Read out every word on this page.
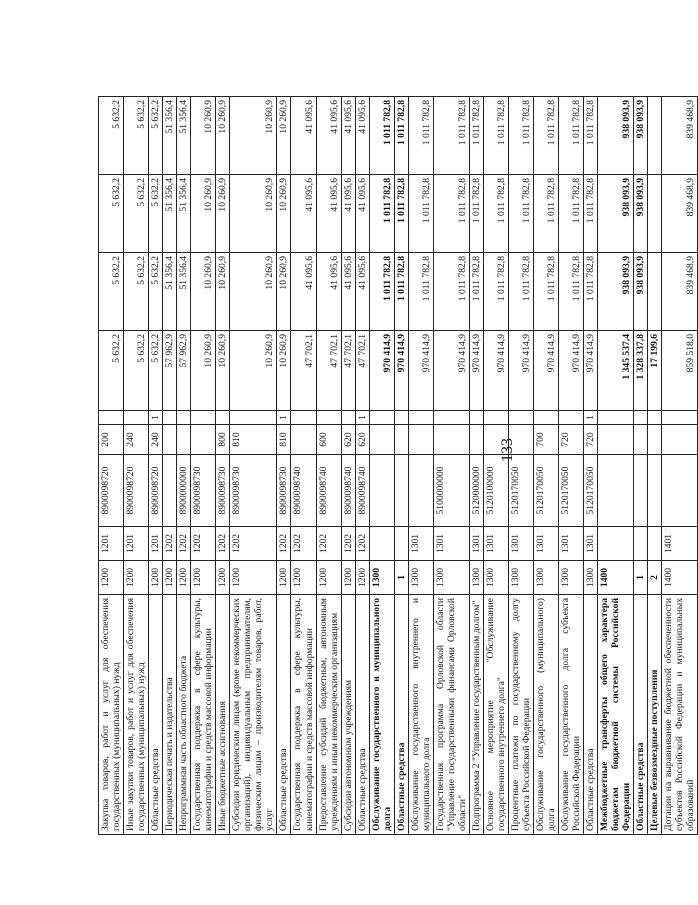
133
Закупка товаров, работ и услуг для обеспечения государственных (муниципальных) нужд	1200	1201	8900098720	200		5 632,2	5 632,2	5 632,2	5 632,2
Иные закупки товаров, работ и услуг для обеспечения государственных (муниципальных) нужд	1200	1201	8900098720	240		5 632,2	5 632,2	5 632,2	5 632,2
Областные средства	1200	1201	8900098720	240	1	5 632,2	5 632,2	5 632,2	5 632,2
Периодическая печать и издательства	1200	1202				57 962,9	51 356,4	51 356,4	51 356,4
Непрограммная часть областного бюджета	1200	1202	8900000000			57 962,9	51 356,4	51 356,4	51 356,4
Государственная поддержка в сфере культуры, кинематографии и средств массовой информации	1200	1202	8900098730			10 260,9	10 260,9	10 260,9	10 260,9
Иные бюджетные ассигнования	1200	1202	8900098730	800		10 260,9	10 260,9	10 260,9	10 260,9
Субсидии юридическим лицам (кроме некоммерческих организаций), индивидуальным предпринимателям, физическим лицам – производителям товаров, работ, услуг	1200	1202	8900098730	810		10 260,9	10 260,9	10 260,9	10 260,9
Областные средства	1200	1202	8900098730	810	1	10 260,9	10 260,9	10 260,9	10 260,9
Государственная поддержка в сфере культуры, кинематографии и средств массовой информации	1200	1202	8900098740			47 702,1	41 095,6	41 095,6	41 095,6
Предоставление субсидий бюджетным, автономным учреждениям и иным некоммерческим организациям	1200	1202	8900098740	600		47 702,1	41 095,6	41 095,6	41 095,6
Субсидии автономным учреждениям	1200	1202	8900098740	620		47 702,1	41 095,6	41 095,6	41 095,6
Областные средства	1200	1202	8900098740	620	1	47 702,1	41 095,6	41 095,6	41 095,6
Обслуживание государственного и муниципального долга	1300					970 414,9	1 011 782,8	1 011 782,8	1 011 782,8
Областные средства	1					970 414,9	1 011 782,8	1 011 782,8	1 011 782,8
Обслуживание государственного внутреннего и муниципального долга	1300	1301				970 414,9	1 011 782,8	1 011 782,8	1 011 782,8
Государственная программа Орловской области "Управление государственными финансами Орловской области"	1300	1301	5100000000			970 414,9	1 011 782,8	1 011 782,8	1 011 782,8
Подпрограмма 2 "Управление государственным долгом"	1300	1301	5120000000			970 414,9	1 011 782,8	1 011 782,8	1 011 782,8
Основное мероприятие "Обслуживание государственного внутреннего долга"	1300	1301	5120100000			970 414,9	1 011 782,8	1 011 782,8	1 011 782,8
Процентные платежи по государственному долгу субъекта Российской Федерации	1300	1301	5120170050			970 414,9	1 011 782,8	1 011 782,8	1 011 782,8
Обслуживание государственного (муниципального) долга	1300	1301	5120170050	700		970 414,9	1 011 782,8	1 011 782,8	1 011 782,8
Обслуживание государственного долга субъекта Российской Федерации	1300	1301	5120170050	720		970 414,9	1 011 782,8	1 011 782,8	1 011 782,8
Областные средства	1300	1301	5120170050	720	1	970 414,9	1 011 782,8	1 011 782,8	1 011 782,8
Межбюджетные трансферты общего характера бюджетам бюджетной системы Российской Федерации	1400					1 345 537,4	938 093,9	938 093,9	938 093,9
Областные средства	1					1 328 337,8	938 093,9	938 093,9	938 093,9
Целевые безвозмездные поступления	2					17 199,6			
Дотации на выравнивание бюджетной обеспеченности субъектов Российской Федерации и муниципальных образований	1400	1401				859 518,0	839 468,9	839 468,9	839 468,9
